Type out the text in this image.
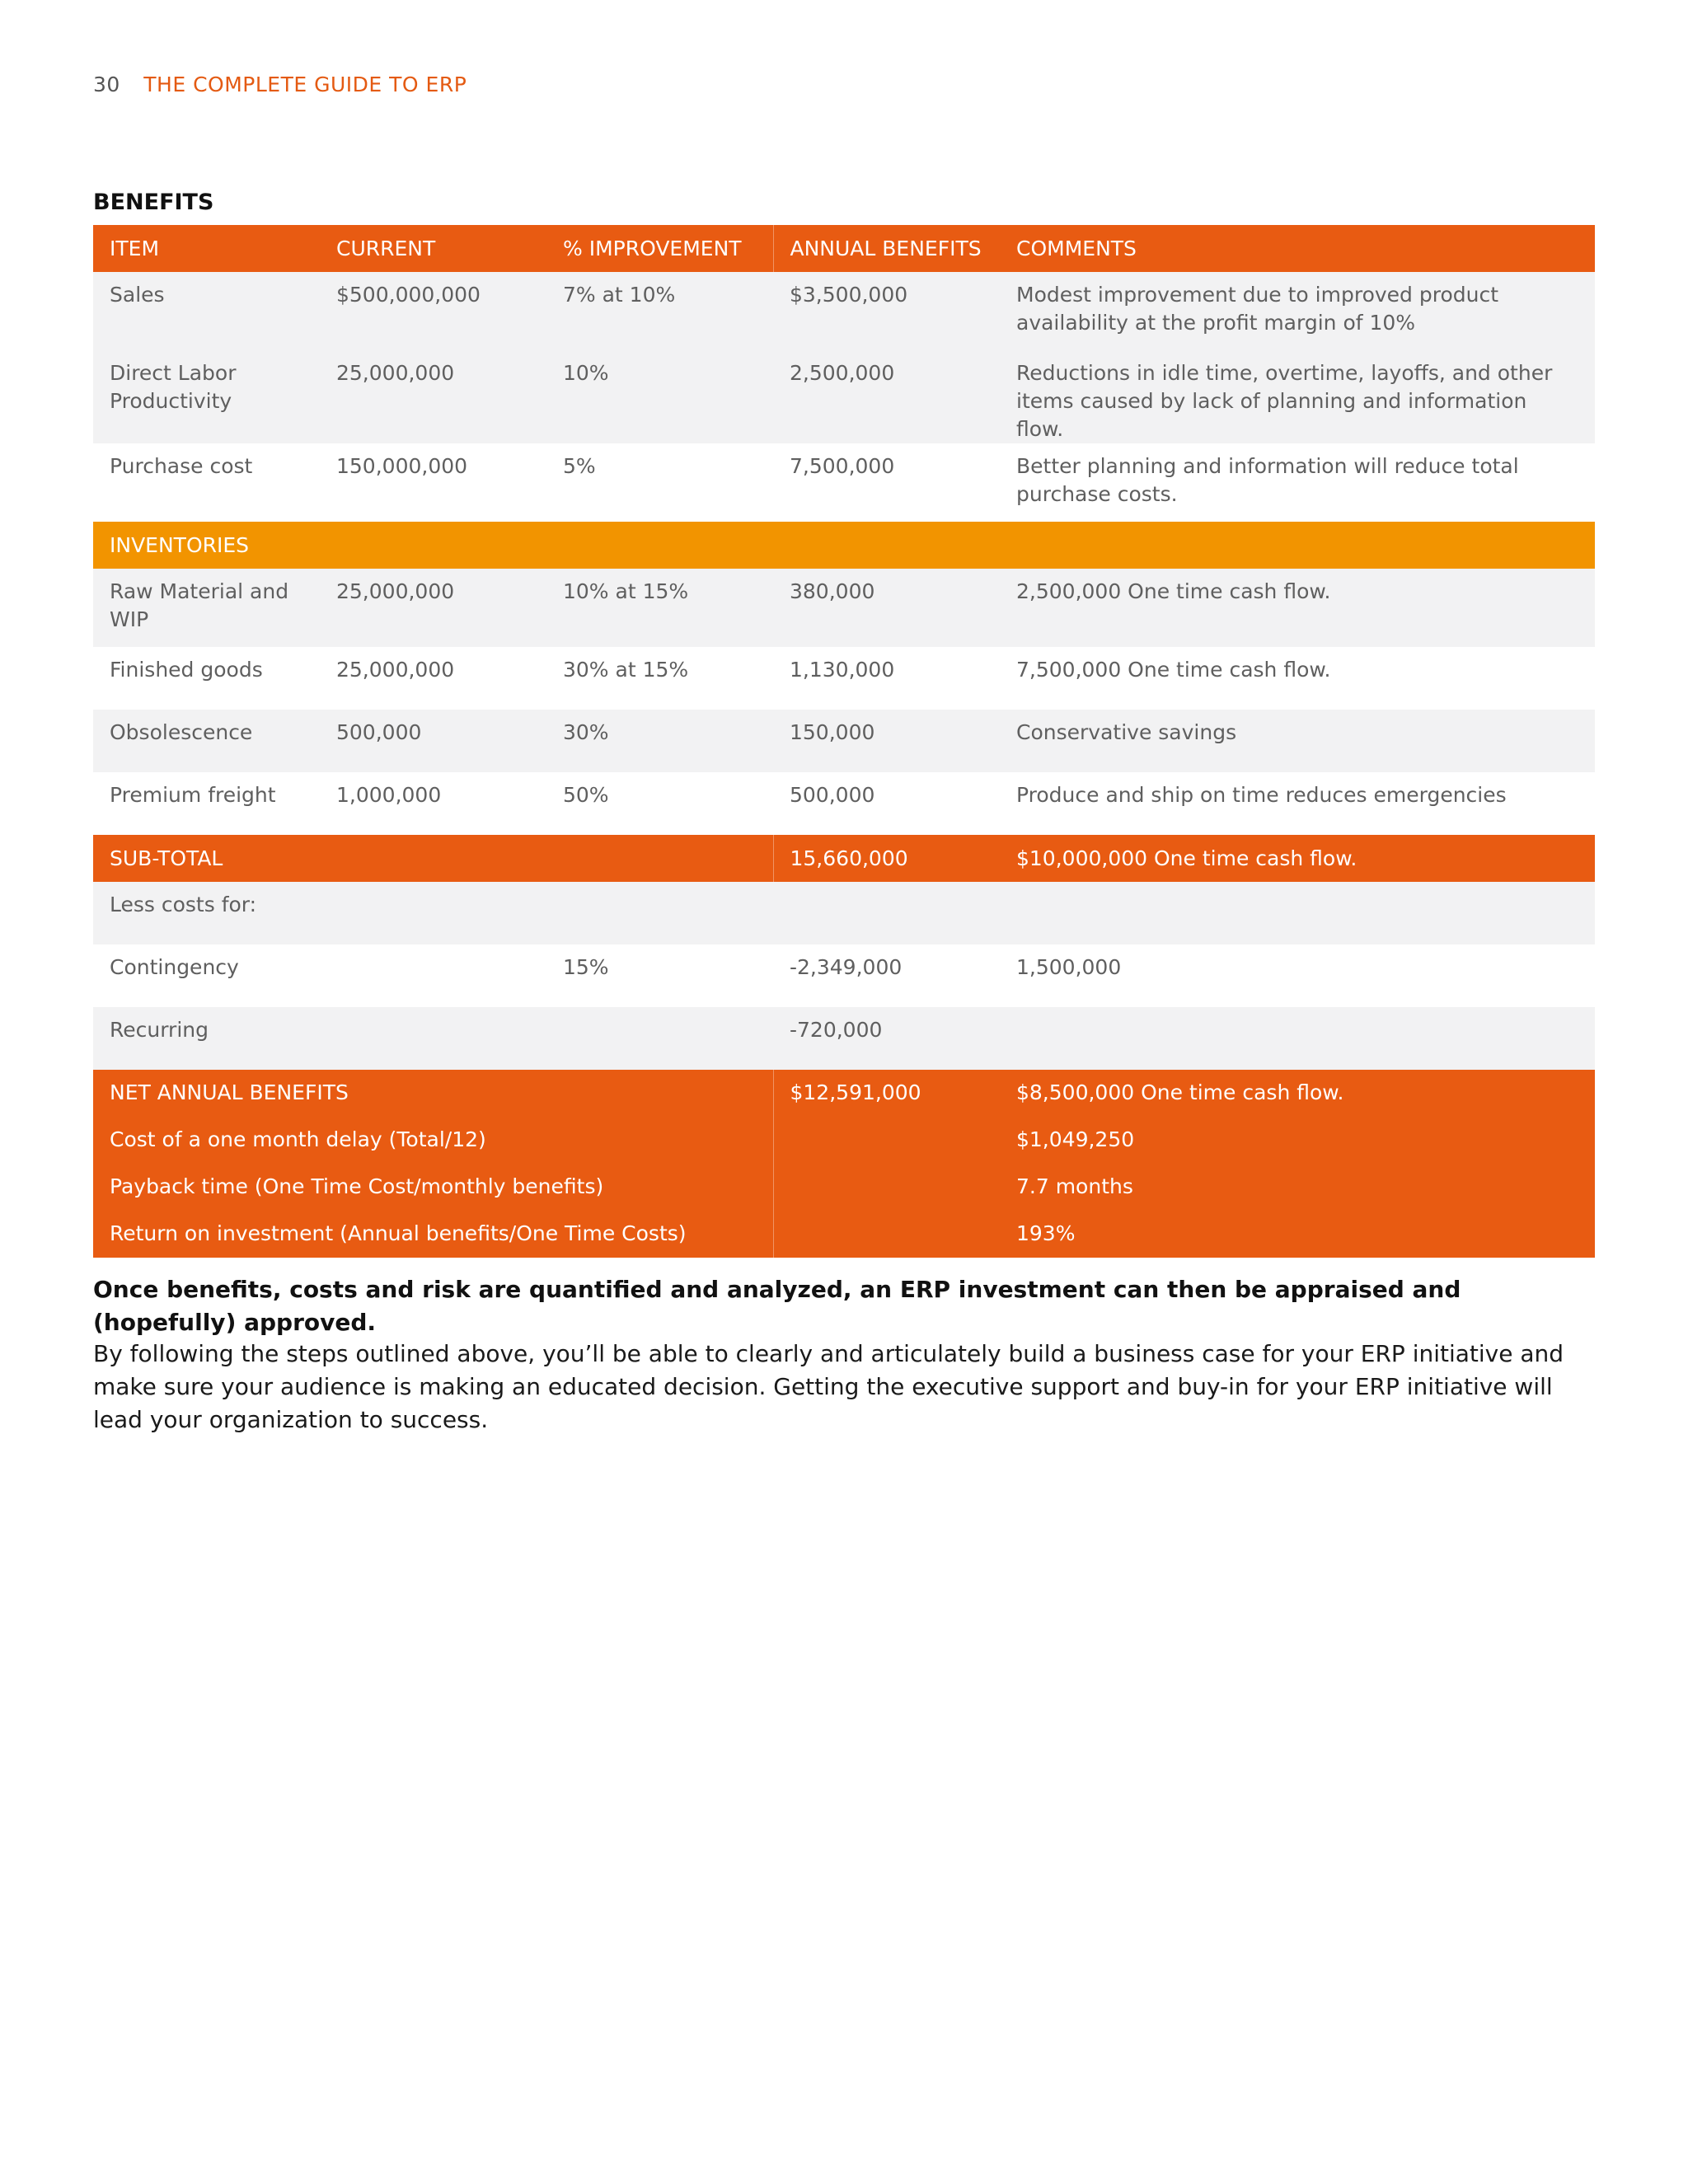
30 THE COMPLETE GUIDE TO ERP
BENEFITS
ITEM	CURRENT	% IMPROVEMENT	ANNUAL BENEFITS	COMMENTS
Sales	$500,000,000	7% at 10%	$3,500,000	Modest improvement due to improved product availability at the profit margin of 10%
Direct Labor Productivity	25,000,000	10%	2,500,000	Reductions in idle time, overtime, layoffs, and other items caused by lack of planning and information flow.
Purchase cost	150,000,000	5%	7,500,000	Better planning and information will reduce total purchase costs.
INVENTORIES				
Raw Material and WIP	25,000,000	10% at 15%	380,000	2,500,000 One time cash flow.
Finished goods	25,000,000	30% at 15%	1,130,000	7,500,000 One time cash flow.
Obsolescence	500,000	30%	150,000	Conservative savings
Premium freight	1,000,000	50%	500,000	Produce and ship on time reduces emergencies
SUB-TOTAL			15,660,000	$10,000,000 One time cash flow.
Less costs for:				
Contingency		15%	-2,349,000	1,500,000
Recurring			-720,000	
NET ANNUAL BENEFITS			$12,591,000	$8,500,000 One time cash flow.
Cost of a one month delay (Total/12)				$1,049,250
Payback time (One Time Cost/monthly benefits)				7.7 months
Return on investment (Annual benefits/One Time Costs)				193%
Once benefits, costs and risk are quantified and analyzed, an ERP investment can then be appraised and (hopefully) approved.
By following the steps outlined above, you’ll be able to clearly and articulately build a business case for your ERP initiative and make sure your audience is making an educated decision. Getting the executive support and buy-in for your ERP initiative will lead your organization to success.
